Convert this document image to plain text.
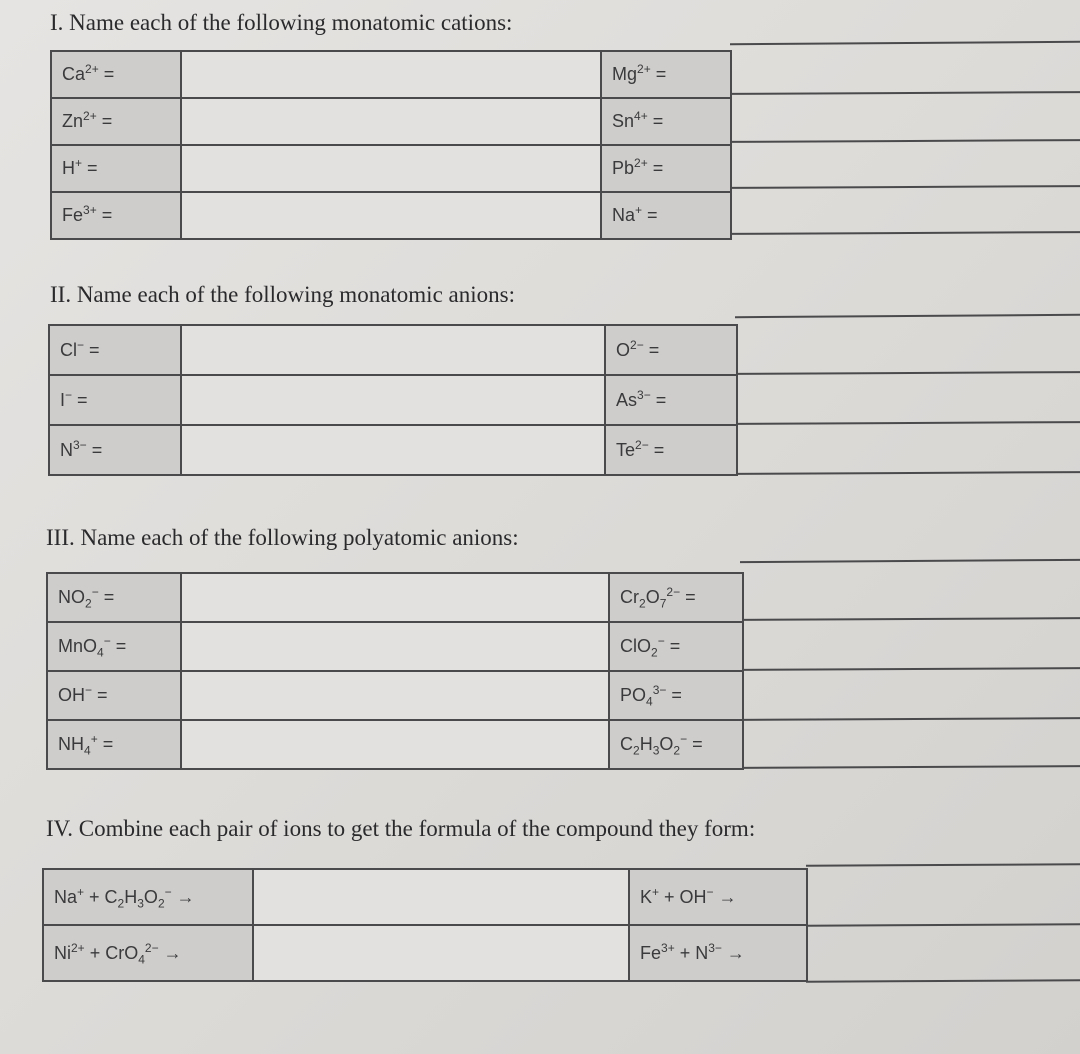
I. Name each of the following monatomic cations:
$Ca^{2+}$ =		$Mg^{2+}$ =
$Zn^{2+}$ =		$Sn^{4+}$ =
H+ =		$Pb^{2+}$ =
$Fe^{3+}$ =		Na+ =
II. Name each of the following monatomic anions:
Cl− =		$O^{2-}$ =
I− =		$As^{3-}$ =
$N^{3-}$ =		$Te^{2-}$ =
III. Name each of the following polyatomic anions:
$NO_2^-$ =		$Cr_2O_7^{2-}$ =
MnO$_4$− =		ClO$_2$− =
OH− =		$PO_4^{3-}$ =
$NH_4^+$ =		$C_2H_3O_2^-$ =
IV. Combine each pair of ions to get the formula of the compound they form:
$Na^+ + C_2H_3O_2^-$ →		K+ + OH− →
$Ni^{2+} + CrO_4^{2-}$ →		$Fe^{3+} + N^{3-}$ →
